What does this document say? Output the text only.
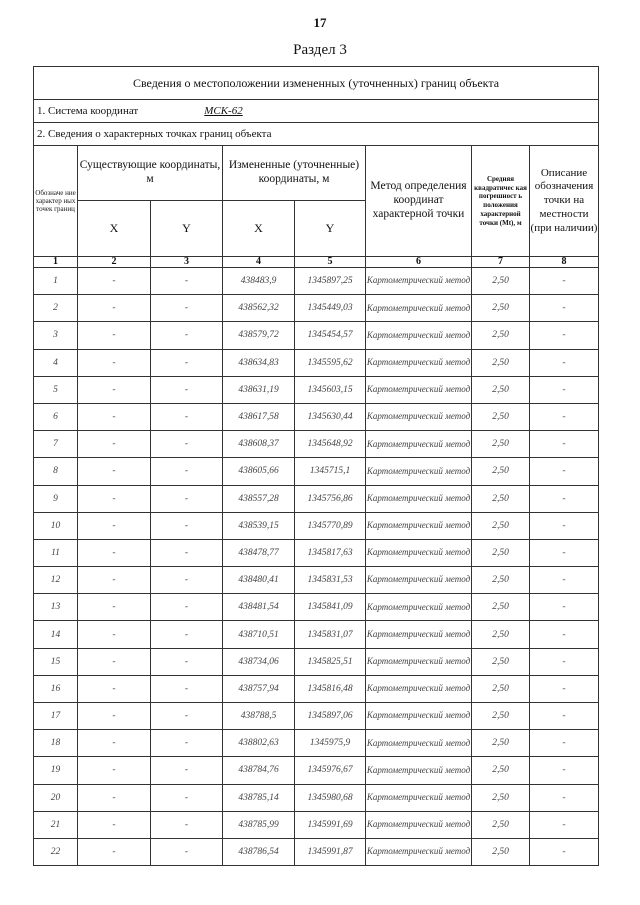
17
Раздел 3
Сведения о местоположении измененных (уточненных) границ объекта							
1. Система координат МСК-62							
2. Сведения о характерных точках границ объекта							
Обозначе ние характер ных точек границ	Существующие координаты, м		Измененные (уточненные) координаты, м		Метод определения координат характерной точки	Средняя квадратичес кая погрешност ь положения характерной точки (Mt), м	Описание обозначения точки на местности (при наличии)
	X	Y	X	Y			
1	2	3	4	5	6	7	8
1	-	-	438483,9	1345897,25	Картометрический метод	2,50	-
2	-	-	438562,32	1345449,03	Картометрический метод	2,50	-
3	-	-	438579,72	1345454,57	Картометрический метод	2,50	-
4	-	-	438634,83	1345595,62	Картометрический метод	2,50	-
5	-	-	438631,19	1345603,15	Картометрический метод	2,50	-
6	-	-	438617,58	1345630,44	Картометрический метод	2,50	-
7	-	-	438608,37	1345648,92	Картометрический метод	2,50	-
8	-	-	438605,66	1345715,1	Картометрический метод	2,50	-
9	-	-	438557,28	1345756,86	Картометрический метод	2,50	-
10	-	-	438539,15	1345770,89	Картометрический метод	2,50	-
11	-	-	438478,77	1345817,63	Картометрический метод	2,50	-
12	-	-	438480,41	1345831,53	Картометрический метод	2,50	-
13	-	-	438481,54	1345841,09	Картометрический метод	2,50	-
14	-	-	438710,51	1345831,07	Картометрический метод	2,50	-
15	-	-	438734,06	1345825,51	Картометрический метод	2,50	-
16	-	-	438757,94	1345816,48	Картометрический метод	2,50	-
17	-	-	438788,5	1345897,06	Картометрический метод	2,50	-
18	-	-	438802,63	1345975,9	Картометрический метод	2,50	-
19	-	-	438784,76	1345976,67	Картометрический метод	2,50	-
20	-	-	438785,14	1345980,68	Картометрический метод	2,50	-
21	-	-	438785,99	1345991,69	Картометрический метод	2,50	-
22	-	-	438786,54	1345991,87	Картометрический метод	2,50	-
